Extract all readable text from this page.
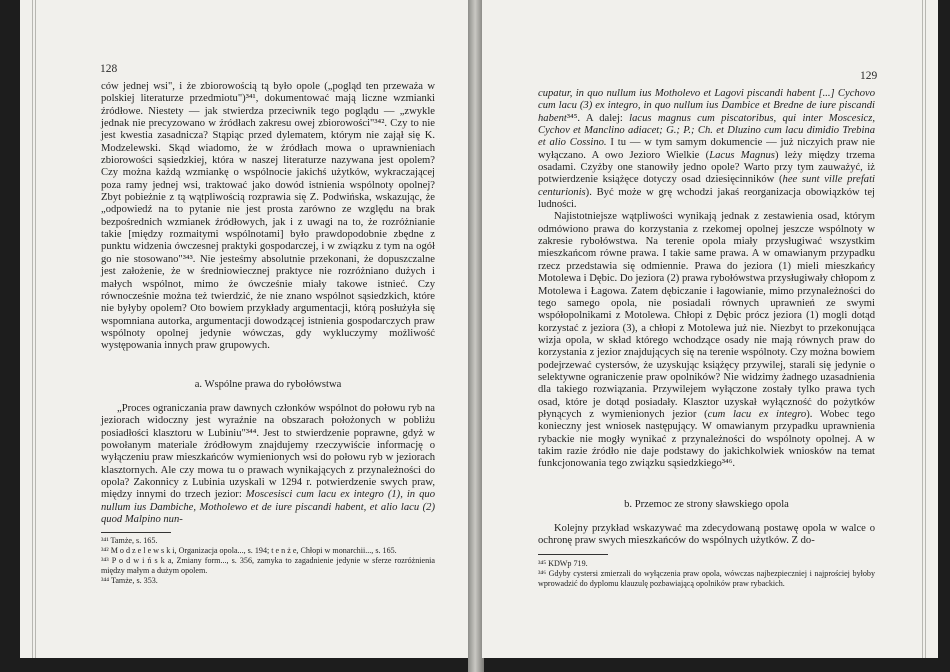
128

ców jednej wsi", i że zbiorowością tą było opole („pogląd ten przeważa w polskiej literaturze przedmiotu")³⁴¹, dokumentować mają liczne wzmianki źródłowe. Niestety — jak stwierdza przeciwnik tego poglądu — „zwykle jednak nie precyzowano w źródłach zakresu owej zbiorowości"³⁴². Czy to nie jest kwestia zasadnicza? Stąpiąc przed dylematem, którym nie zajął się K. Modzelewski. Skąd wiadomo, że w źródłach mowa o uprawnieniach zbiorowości sąsiedzkiej, która w naszej literaturze nazywana jest opolem? Czy można każdą wzmiankę o wspólnocie jakichś użytków, wykraczającej poza ramy jednej wsi, traktować jako dowód istnienia wspólnoty opolnej? Zbyt pobieżnie z tą wątpliwością rozprawia się Z. Podwińska, wskazując, że „odpowiedź na to pytanie nie jest prosta zarówno ze względu na brak bezpośrednich wzmianek źródłowych, jak i z uwagi na to, że rozróżnianie takie [między rozmaitymi wspólnotami] było prawdopodobnie zbędne z punktu widzenia ówczesnej praktyki gospodarczej, i w związku z tym na ogół go nie stosowano"³⁴³. Nie jesteśmy absolutnie przekonani, że dopuszczalne jest założenie, że w średniowiecznej praktyce nie rozróżniano dużych i małych wspólnot, mimo że ówcześnie miały takowe istnieć. Czy równocześnie można też twierdzić, że nie znano wspólnot sąsiedzkich, które nie byłyby opolem? Oto bowiem przykłady argumentacji, którą posłużyła się wspomniana autorka, argumentacji dowodzącej istnienia gospodarczych praw wspólnoty opolnej jedynie wówczas, gdy wykluczymy możliwość występowania innych praw grupowych.

a. Wspólne prawa do rybołówstwa

„Proces ograniczania praw dawnych członków wspólnot do połowu ryb na jeziorach widoczny jest wyraźnie na obszarach położonych w pobliżu posiadłości klasztoru w Lubiniu"³⁴⁴. Jest to stwierdzenie poprawne, gdyż w powołanym materiale źródłowym znajdujemy rzeczywiście informację o wyłączeniu praw mieszkańców wymienionych wsi do połowu ryb w jeziorach klasztornych. Ale czy mowa tu o prawach wynikających z przynależności do opola? Zakonnicy z Lubinia uzyskali w 1294 r. potwierdzenie swych praw, między innymi do trzech jezior: Moscesisci cum lacu ex integro (1), in quo nullum ius Dambiche, Motholewo et de iure piscandi habent, et alio lacu (2) quod Malpino nun-

³⁴¹ Tamże, s. 165.

³⁴² M o d z e l e w s k i, Organizacja opola..., s. 194; t e n ż e, Chłopi w monarchii..., s. 165.

³⁴³ P o d w i ń s k a, Zmiany form..., s. 356, zamyka to zagadnienie jedynie w sferze rozróżnienia między małym a dużym opolem.

³⁴⁴ Tamże, s. 353.

129

cupatur, in quo nullum ius Motholevo et Lagovi piscandi habent [...] Cychovo cum lacu (3) ex integro, in quo nullum ius Dambice et Bredne de iure piscandi habent³⁴⁵. A dalej: lacus magnus cum piscatoribus, qui inter Moscesicz, Cychov et Manclino adiacet; G.; P.; Ch. et Dluzino cum lacu dimidio Trebina et alio Cossino. I tu — w tym samym dokumencie — już niczyich praw nie wyłączano. A owo Jezioro Wielkie (Lacus Magnus) leży między trzema osadami. Czyżby one stanowiły jedno opole? Warto przy tym zauważyć, iż potwierdzenie książęce dotyczy osad dziesięcinników (hee sunt ville prefati centurionis). Być może w grę wchodzi jakaś reorganizacja obowiązków tej ludności.

Najistotniejsze wątpliwości wynikają jednak z zestawienia osad, którym odmówiono prawa do korzystania z rzekomej opolnej jeszcze wspólnoty w zakresie rybołówstwa. Na terenie opola miały przysługiwać wszystkim mieszkańcom równe prawa. I takie same prawa. A w omawianym przypadku rzecz przedstawia się odmiennie. Prawa do jeziora (1) mieli mieszkańcy Motolewa i Dębic. Do jeziora (2) prawa rybołówstwa przysługiwały chłopom z Motolewa i Łagowa. Zatem dębiczanie i łagowianie, mimo przynależności do tego samego opola, nie posiadali równych uprawnień ze swymi współopolnikami z Motolewa. Chłopi z Dębic prócz jeziora (1) mogli dotąd korzystać z jeziora (3), a chłopi z Motolewa już nie. Niezbyt to przekonująca wizja opola, w skład którego wchodzące osady nie mają równych praw do korzystania z jezior znajdujących się na terenie wspólnoty. Czy można bowiem podejrzewać cystersów, że uzyskując książęcy przywilej, starali się jedynie o selektywne ograniczenie praw opolników? Nie widzimy żadnego uzasadnienia dla takiego rozwiązania. Przywilejem wyłączone zostały tylko prawa tych osad, które je dotąd posiadały. Klasztor uzyskał wyłączność do pożytków płynących z wymienionych jezior (cum lacu ex integro). Wobec tego konieczny jest wniosek następujący. W omawianym przypadku uprawnienia rybackie nie mogły wynikać z przynależności do wspólnoty opolnej. A w takim razie źródło nie daje podstawy do jakichkolwiek wniosków na temat funkcjonowania tego związku sąsiedzkiego³⁴⁶.

b. Przemoc ze strony sławskiego opola

Kolejny przykład wskazywać ma zdecydowaną postawę opola w walce o ochronę praw swych mieszkańców do wspólnych użytków. Z do-

³⁴⁵ KDWp 719.

³⁴⁶ Gdyby cystersi zmierzali do wyłączenia praw opola, wówczas najbezpieczniej i najprościej byłoby wprowadzić do dyplomu klauzulę pozbawiającą opolników praw rybackich.
